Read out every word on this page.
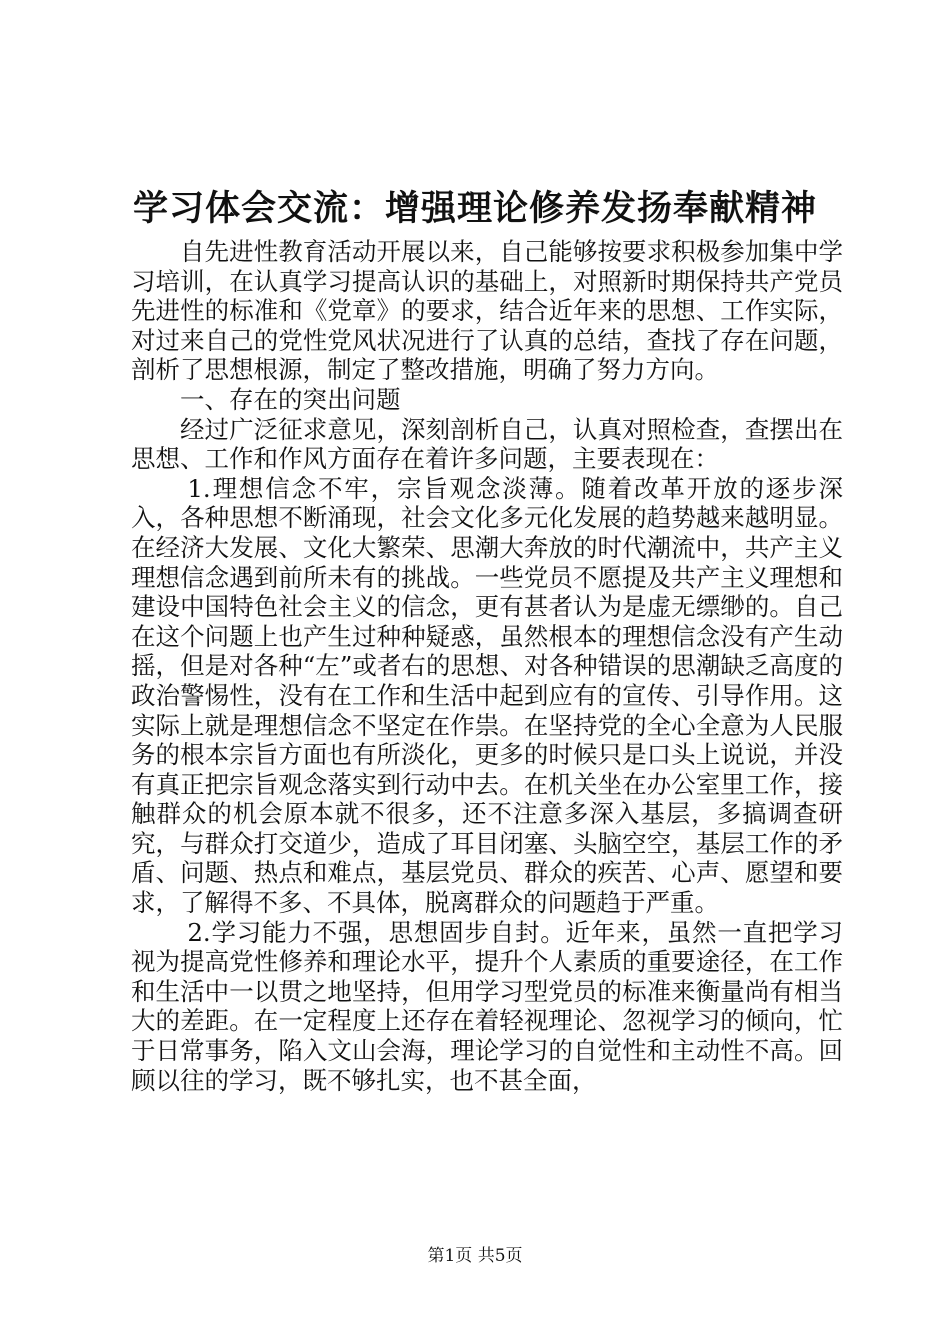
学习体会交流：增强理论修养发扬奉献精神

自先进性教育活动开展以来，自己能够按要求积极参加集中学习培训，在认真学习提高认识的基础上，对照新时期保持共产党员先进性的标准和《党章》的要求，结合近年来的思想、工作实际，对过来自己的党性党风状况进行了认真的总结，查找了存在问题，剖析了思想根源，制定了整改措施，明确了努力方向。

一、存在的突出问题

经过广泛征求意见，深刻剖析自己，认真对照检查，查摆出在思想、工作和作风方面存在着许多问题，主要表现在：

1.理想信念不牢，宗旨观念淡薄。随着改革开放的逐步深入，各种思想不断涌现，社会文化多元化发展的趋势越来越明显。在经济大发展、文化大繁荣、思潮大奔放的时代潮流中，共产主义理想信念遇到前所未有的挑战。一些党员不愿提及共产主义理想和建设中国特色社会主义的信念，更有甚者认为是虚无缥缈的。自己在这个问题上也产生过种种疑惑，虽然根本的理想信念没有产生动摇，但是对各种“左”或者右的思想、对各种错误的思潮缺乏高度的政治警惕性，没有在工作和生活中起到应有的宣传、引导作用。这实际上就是理想信念不坚定在作祟。在坚持党的全心全意为人民服务的根本宗旨方面也有所淡化，更多的时候只是口头上说说，并没有真正把宗旨观念落实到行动中去。在机关坐在办公室里工作，接触群众的机会原本就不很多，还不注意多深入基层，多搞调查研究，与群众打交道少，造成了耳目闭塞、头脑空空，基层工作的矛盾、问题、热点和难点，基层党员、群众的疾苦、心声、愿望和要求，了解得不多、不具体，脱离群众的问题趋于严重。

2.学习能力不强，思想固步自封。近年来，虽然一直把学习视为提高党性修养和理论水平，提升个人素质的重要途径，在工作和生活中一以贯之地坚持，但用学习型党员的标准来衡量尚有相当大的差距。在一定程度上还存在着轻视理论、忽视学习的倾向，忙于日常事务，陷入文山会海，理论学习的自觉性和主动性不高。回顾以往的学习，既不够扎实，也不甚全面，

第1页 共5页
